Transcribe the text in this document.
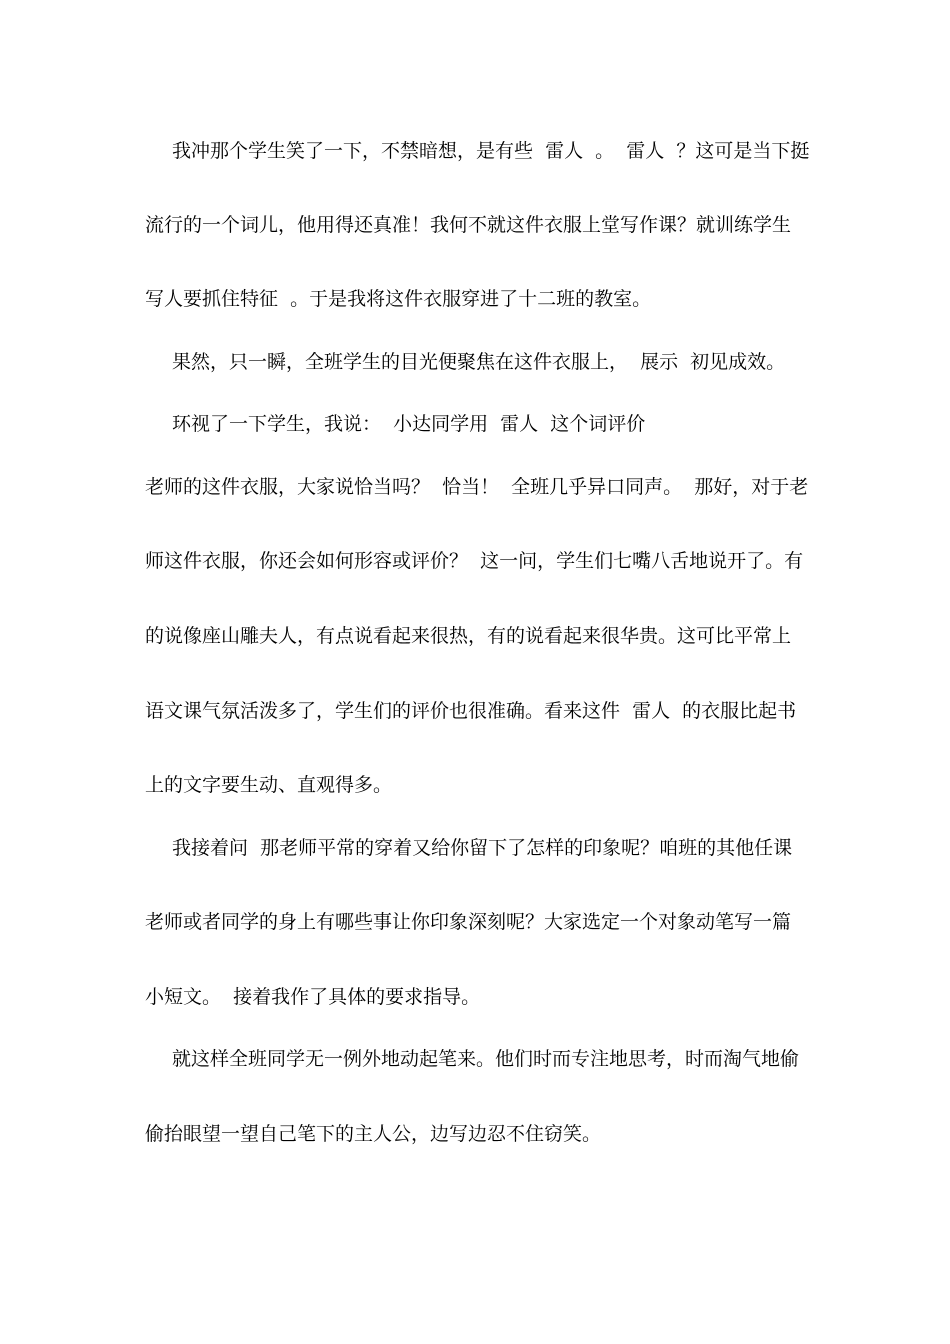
我冲那个学生笑了一下，不禁暗想，是有些  雷人  。  雷人  ？这可是当下挺
流行的一个词儿，他用得还真准！我何不就这件衣服上堂写作课？就训练学生
写人要抓住特征  。于是我将这件衣服穿进了十二班的教室。
果然，只一瞬，全班学生的目光便聚焦在这件衣服上，  展示  初见成效。
环视了一下学生，我说：  小达同学用  雷人  这个词评价
老师的这件衣服，大家说恰当吗？  恰当！  全班几乎异口同声。  那好，对于老
师这件衣服，你还会如何形容或评价？  这一问，学生们七嘴八舌地说开了。有
的说像座山雕夫人，有点说看起来很热，有的说看起来很华贵。这可比平常上
语文课气氛活泼多了，学生们的评价也很准确。看来这件  雷人  的衣服比起书
上的文字要生动、直观得多。
我接着问  那老师平常的穿着又给你留下了怎样的印象呢？咱班的其他任课
老师或者同学的身上有哪些事让你印象深刻呢？大家选定一个对象动笔写一篇
小短文。  接着我作了具体的要求指导。
就这样全班同学无一例外地动起笔来。他们时而专注地思考，时而淘气地偷
偷抬眼望一望自己笔下的主人公，边写边忍不住窃笑。
